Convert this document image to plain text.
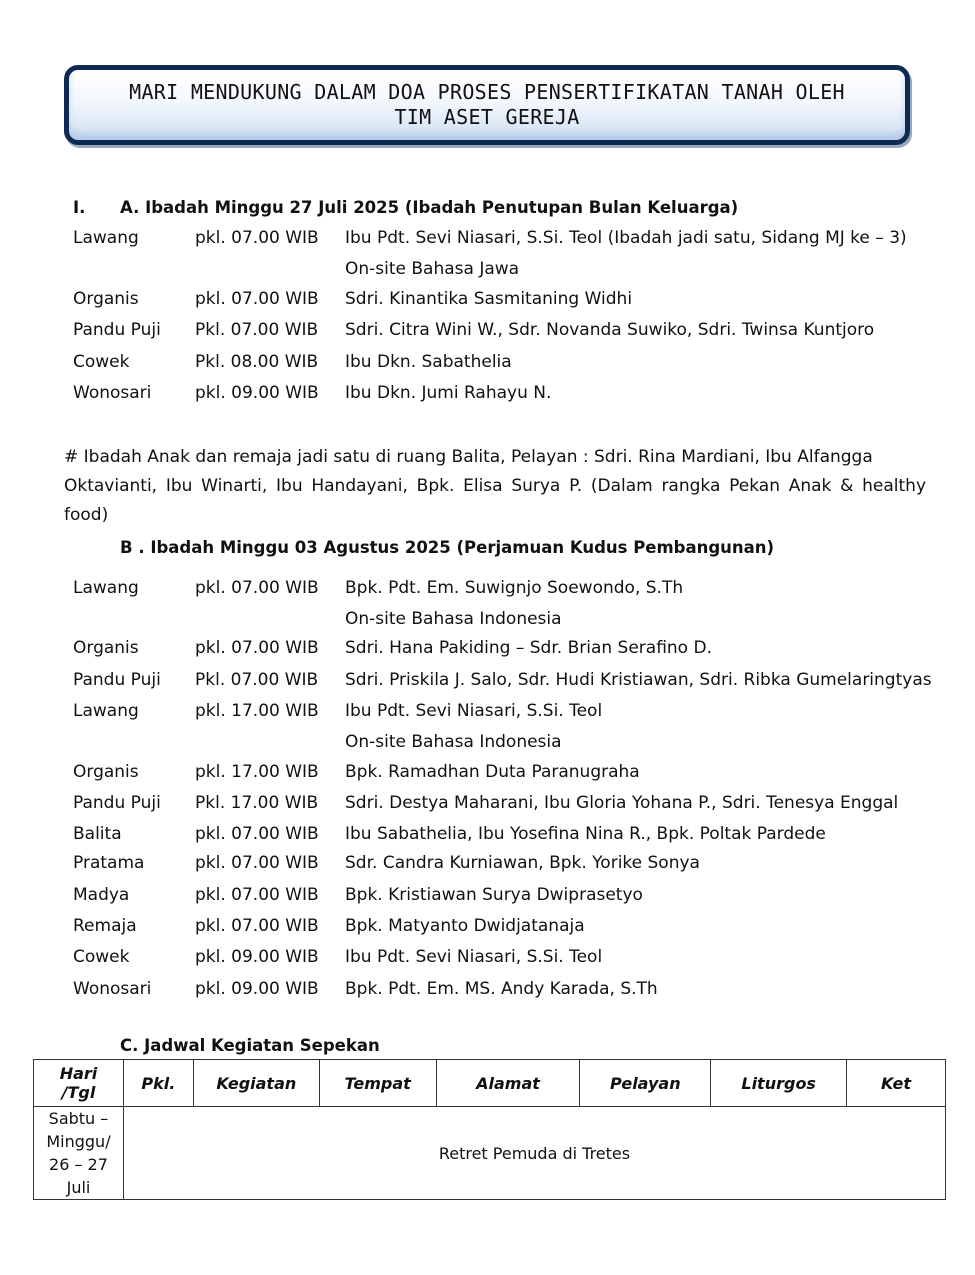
MARI MENDUKUNG DALAM DOA PROSES PENSERTIFIKATAN TANAH OLEH
TIM ASET GEREJA
I. A. Ibadah Minggu 27 Juli 2025 (Ibadah Penutupan Bulan Keluarga)
Lawang	pkl. 07.00 WIB Ibu Pdt. Sevi Niasari, S.Si. Teol (Ibadah jadi satu, Sidang MJ ke – 3)
On-site Bahasa Jawa
Organis	pkl. 07.00 WIB Sdri. Kinantika Sasmitaning Widhi
Pandu Puji Pkl. 07.00 WIB Sdri. Citra Wini W., Sdr. Novanda Suwiko, Sdri. Twinsa Kuntjoro
Cowek	Pkl. 08.00 WIB Ibu Dkn. Sabathelia
Wonosari	pkl. 09.00 WIB Ibu Dkn. Jumi Rahayu N.
# Ibadah Anak dan remaja jadi satu di ruang Balita, Pelayan : Sdri. Rina Mardiani, Ibu Alfangga
Oktavianti, Ibu Winarti, Ibu Handayani, Bpk. Elisa Surya P. (Dalam rangka Pekan Anak & healthy food)
B . Ibadah Minggu 03 Agustus 2025 (Perjamuan Kudus Pembangunan)
Lawang	pkl. 07.00 WIB Bpk. Pdt. Em. Suwignjo Soewondo, S.Th
On-site Bahasa Indonesia
Organis	pkl. 07.00 WIB Sdri. Hana Pakiding – Sdr. Brian Serafino D.
Pandu Puji Pkl. 07.00 WIB Sdri. Priskila J. Salo, Sdr. Hudi Kristiawan, Sdri. Ribka Gumelaringtyas
Lawang	pkl. 17.00 WIB Ibu Pdt. Sevi Niasari, S.Si. Teol
On-site Bahasa Indonesia
Organis	pkl. 17.00 WIB Bpk. Ramadhan Duta Paranugraha
Pandu Puji Pkl. 17.00 WIB Sdri. Destya Maharani, Ibu Gloria Yohana P., Sdri. Tenesya Enggal
Balita	pkl. 07.00 WIB Ibu Sabathelia, Ibu Yosefina Nina R., Bpk. Poltak Pardede
Pratama	pkl. 07.00 WIB Sdr. Candra Kurniawan, Bpk. Yorike Sonya
Madya	pkl. 07.00 WIB Bpk. Kristiawan Surya Dwiprasetyo
Remaja	pkl. 07.00 WIB Bpk. Matyanto Dwidjatanaja
Cowek	pkl. 09.00 WIB Ibu Pdt. Sevi Niasari, S.Si. Teol
Wonosari	pkl. 09.00 WIB Bpk. Pdt. Em. MS. Andy Karada, S.Th
C. Jadwal Kegiatan Sepekan
Hari
/Tgl	Pkl.	Kegiatan	Tempat	Alamat	Pelayan	Liturgos	Ket

Sabtu –
Minggu/
26 – 27
Juli	Retret Pemuda di Tretes						
